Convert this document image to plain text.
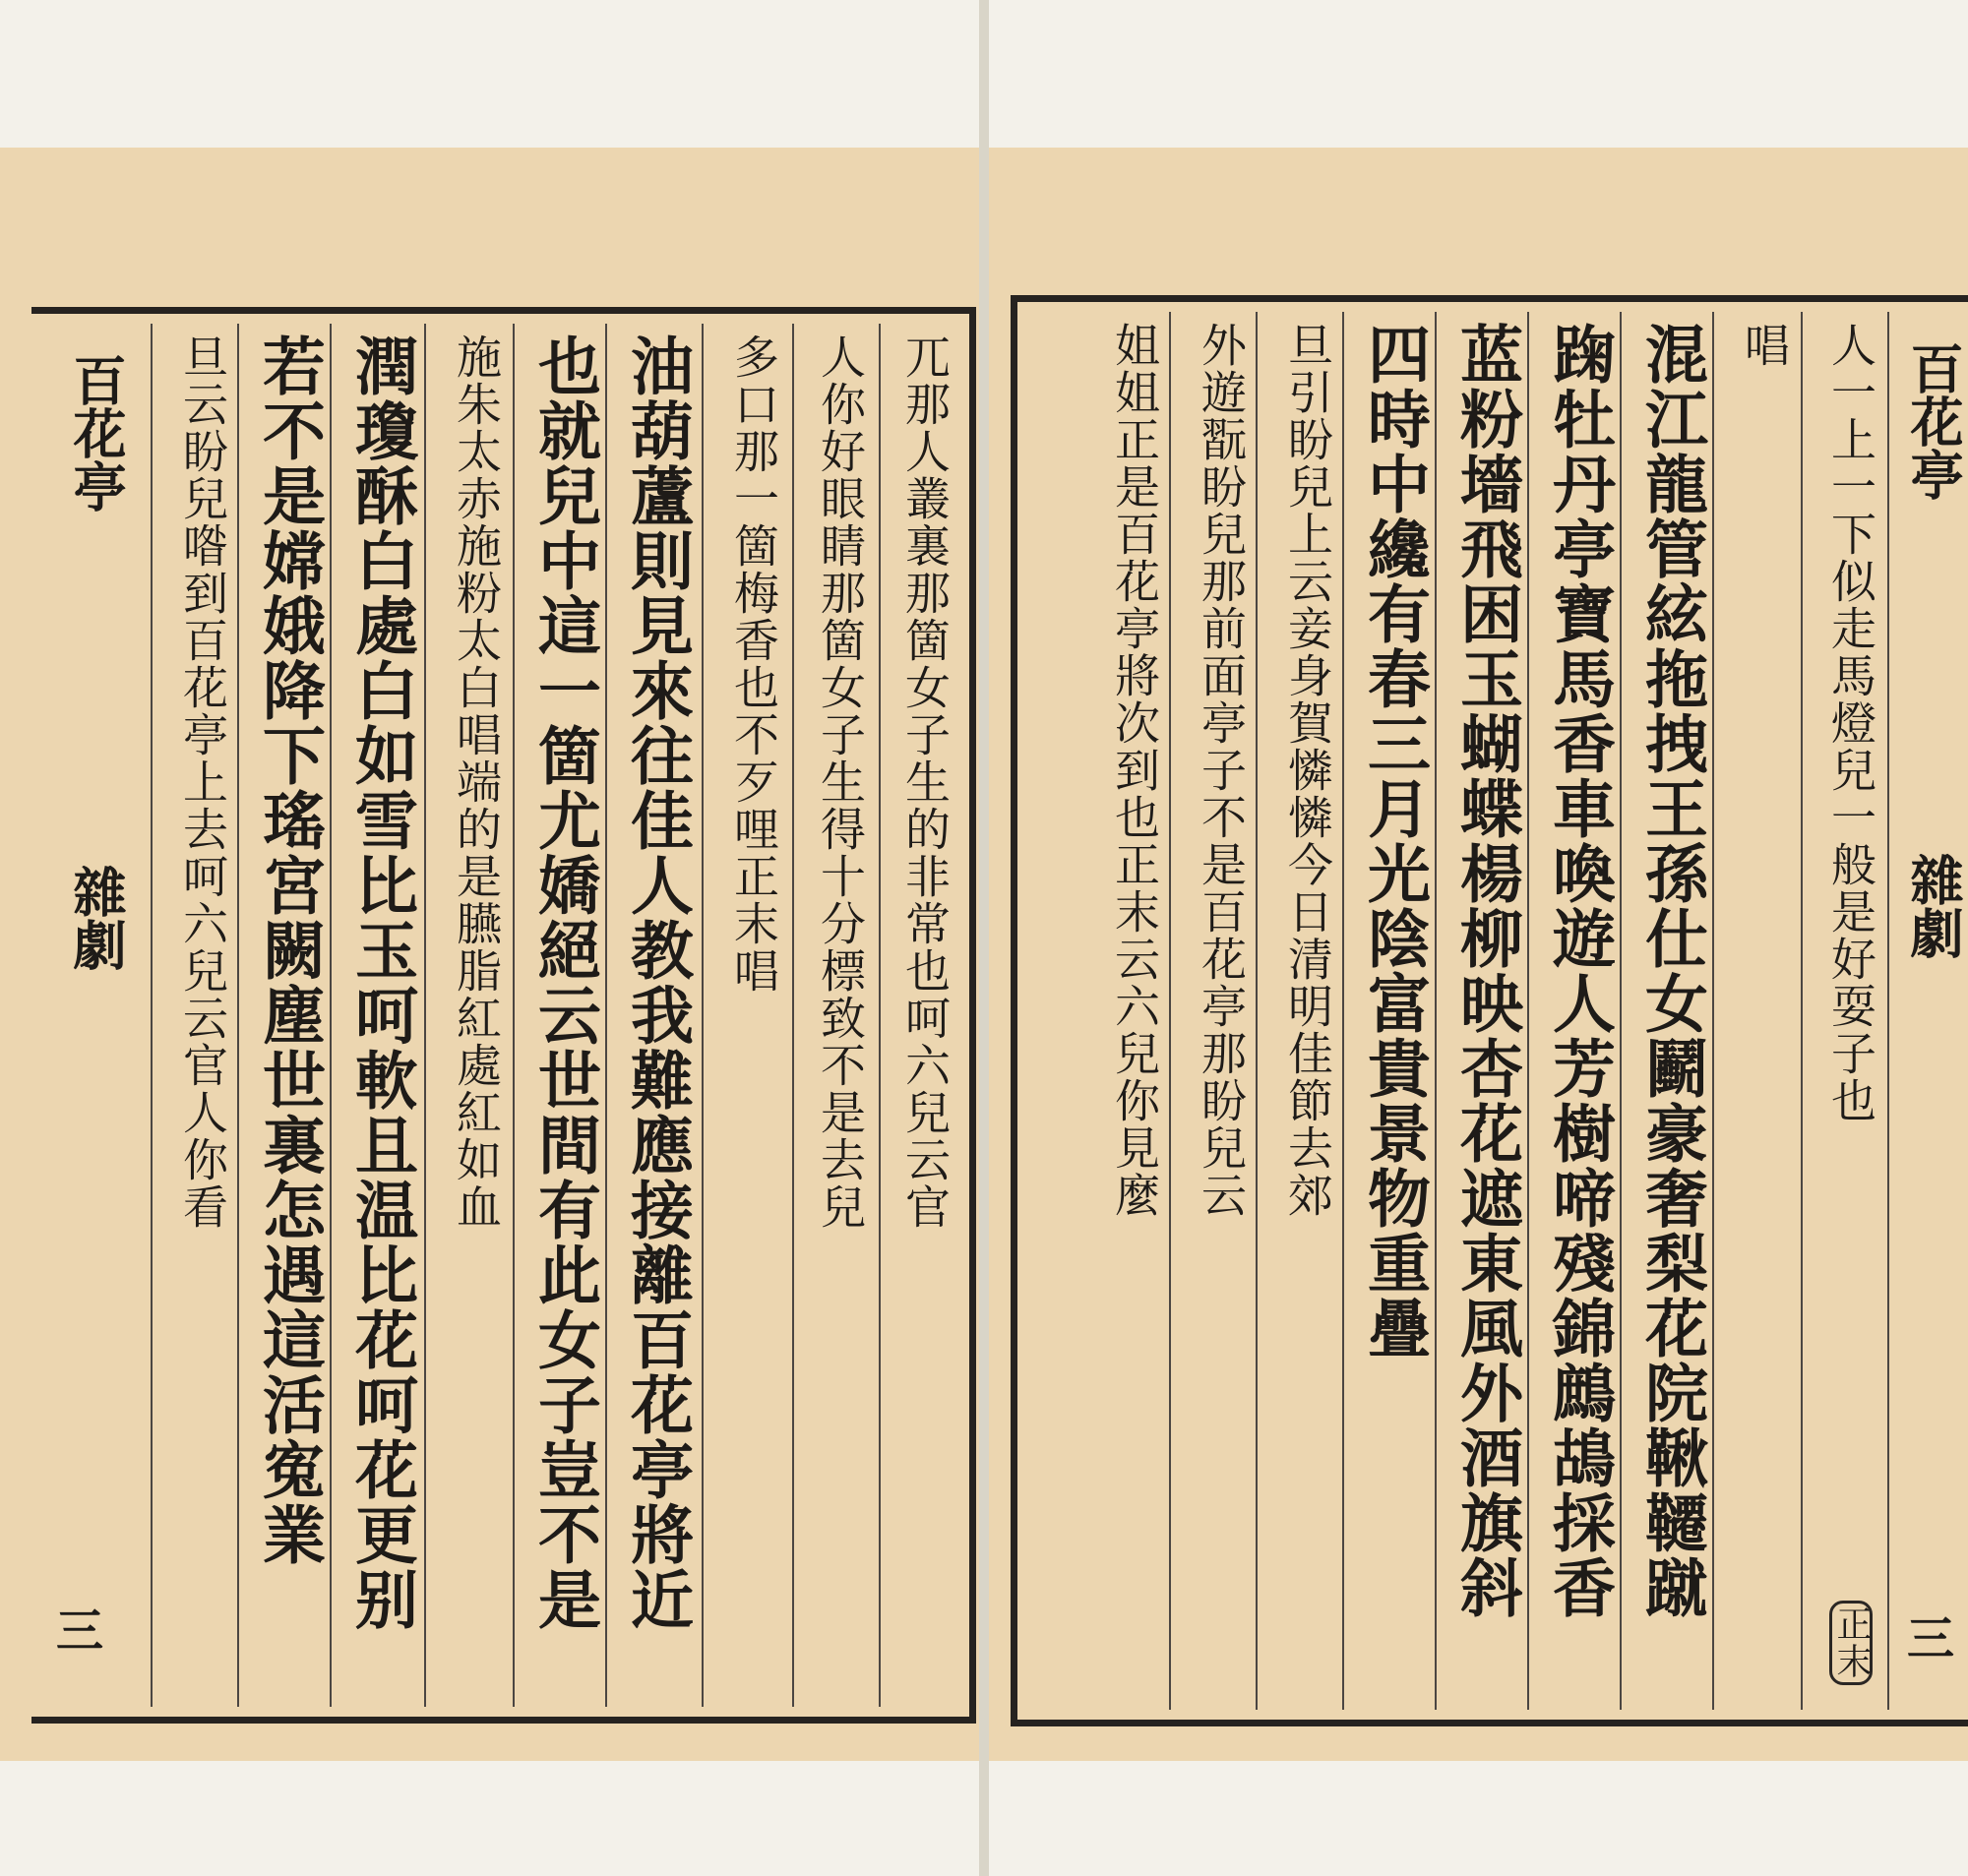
兀那人叢裏那箇女子生的非常也呵六兒云官
人你好眼睛那箇女子生得十分標致不是去兒
多口那一箇梅香也不歹哩正末唱
油葫蘆則見來往佳人教我難應接離百花亭將近
也就兒中這一箇尤嬌絕云世間有此女子豈不是
施朱太赤施粉太白唱端的是臙脂紅處紅如血
潤瓊酥白處白如雪比玉呵軟且温比花呵花更别
若不是嫦娥降下瑤宮闕塵世裏怎遇這活寃業
旦云盼兒喒到百花亭上去呵六兒云官人你看
百花亭
雜劇
三
百花亭
雜劇
三
人一上一下似走馬燈兒一般是好耍子也
正末
唱
混江龍管絃拖拽王孫仕女鬬豪奢梨花院鞦韆蹴
踘牡丹亭寶馬香車喚遊人芳樹啼殘錦鷓鴣採香
蓝粉墻飛困玉蝴蝶楊柳映杏花遮東風外酒旗斜
四時中纔有春三月光陰富貴景物重疊
旦引盼兒上云妾身賀憐憐今日清明佳節去郊
外遊翫盼兒那前面亭子不是百花亭那盼兒云
姐姐正是百花亭將次到也正末云六兒你見麼
